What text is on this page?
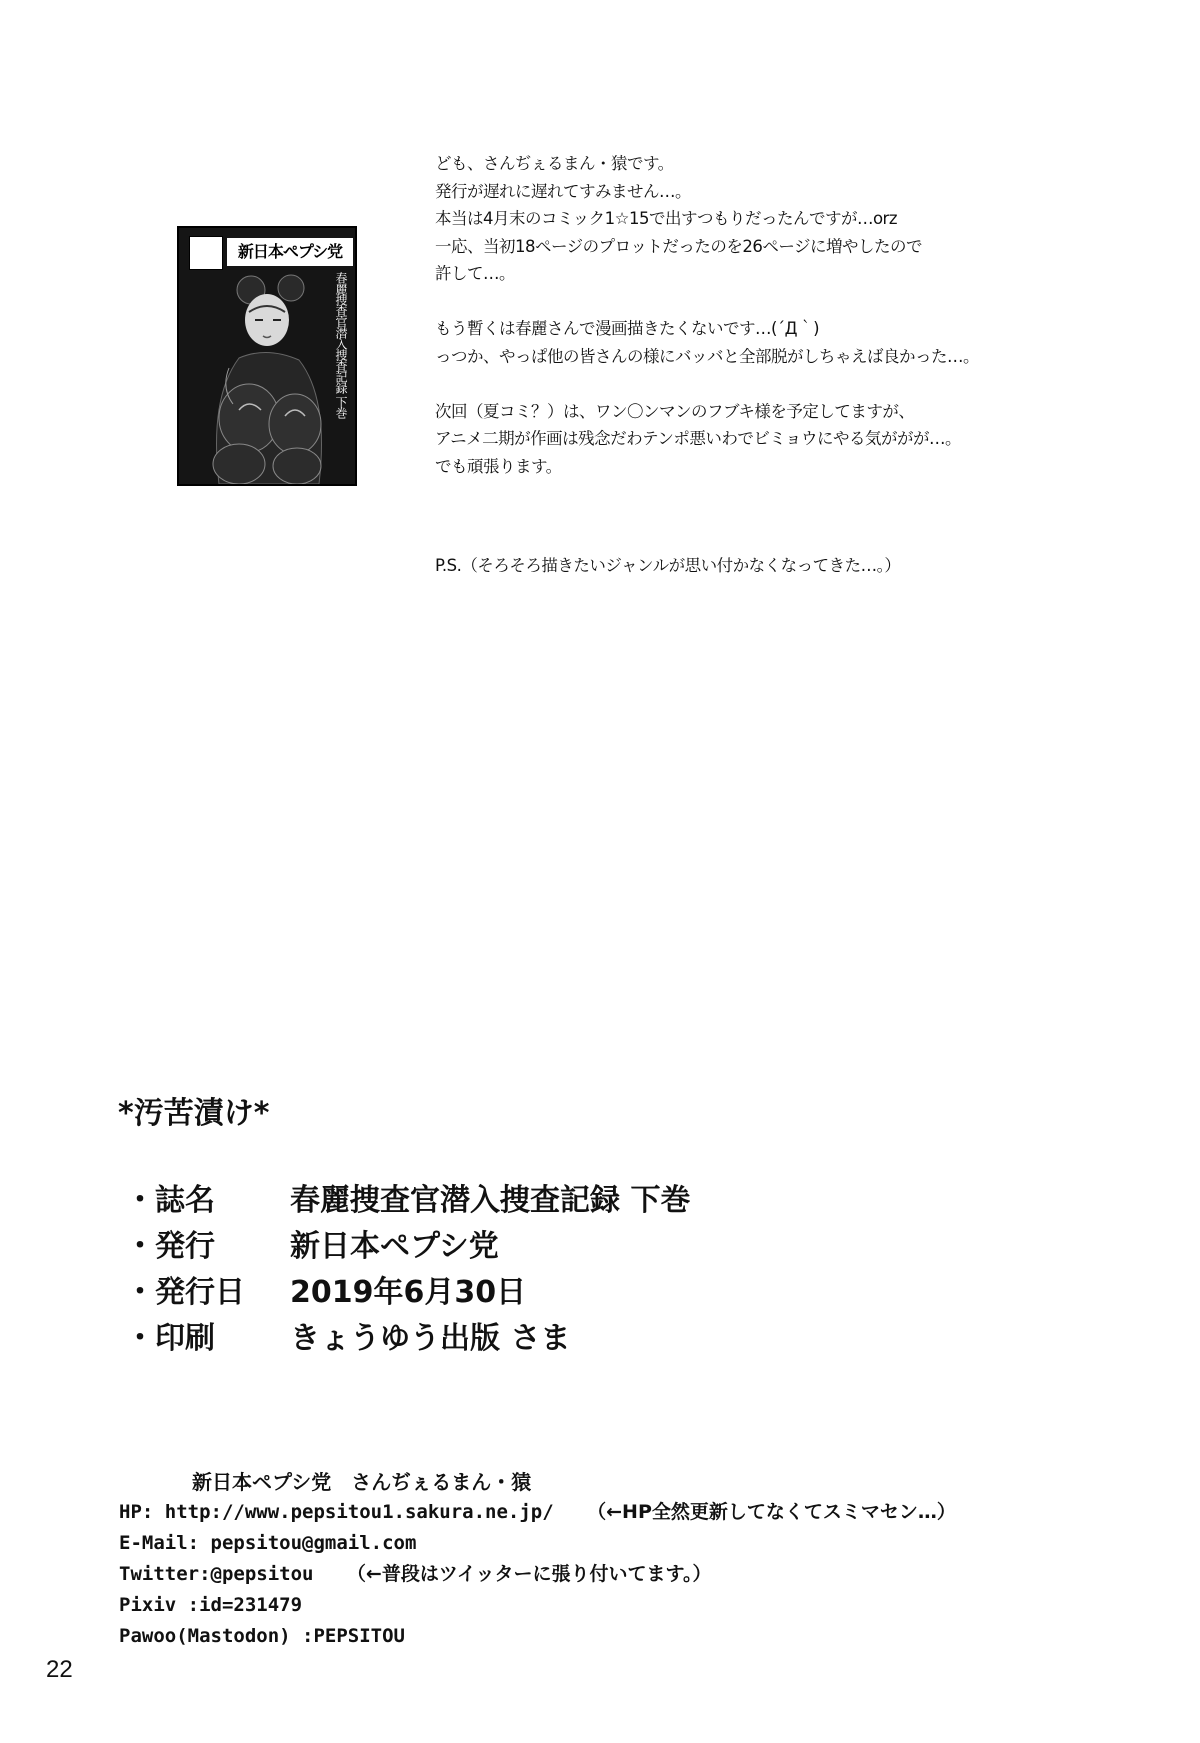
新日本ペプシ党
春麗捜査官潜入捜査記録 下巻

ども、さんぢぇるまん・猿です。

発行が遅れに遅れてすみません…。

本当は4月末のコミック1☆15で出すつもりだったんですが…orz

一応、当初18ページのプロットだったのを26ページに増やしたので

許して…。

もう暫くは春麗さんで漫画描きたくないです…(´Д｀)

っつか、やっぱ他の皆さんの様にバッバと全部脱がしちゃえば良かった…。

次回（夏コミ？）は、ワン〇ンマンのフブキ様を予定してますが、

アニメ二期が作画は残念だわテンポ悪いわでビミョウにやる気ががが…。

でも頑張ります。

P.S.（そろそろ描きたいジャンルが思い付かなくなってきた…。）
*汚苦漬け*
・ 誌名	春麗捜査官潜入捜査記録 下巻
・ 発行	新日本ペプシ党
・ 発行日	2019年6月30日
・ 印刷	きょうゆう出版 さま
新日本ペプシ党　さんぢぇるまん・猿
HP: http://www.pepsitou1.sakura.ne.jp/ （←HP全然更新してなくてスミマセン…）
E-Mail: pepsitou@gmail.com
Twitter:@pepsitou （←普段はツイッターに張り付いてます。）
Pixiv :id=231479
Pawoo(Mastodon) :PEPSITOU
22
